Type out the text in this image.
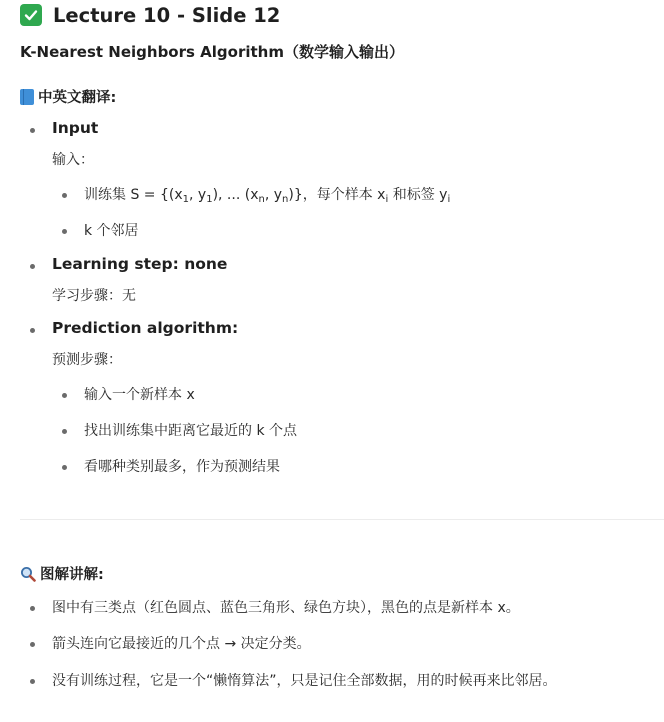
Lecture 10 - Slide 12
K-Nearest Neighbors Algorithm（数学输入输出）
中英文翻译:
Input
输入：
训练集 $S = \{(x_1$, $y_1$), ... ($x_n$, $y_n$)}，每个样本 $x_i$ 和标签 $y_i$
k 个邻居
Learning step: none
学习步骤：无
Prediction algorithm:
预测步骤：
输入一个新样本 x
找出训练集中距离它最近的 k 个点
看哪种类别最多，作为预测结果
图解讲解:
图中有三类点（红色圆点、蓝色三角形、绿色方块），黑色的点是新样本 x。
箭头连向它最接近的几个点 → 决定分类。
没有训练过程，它是一个“懒惰算法”，只是记住全部数据，用的时候再来比邻居。
